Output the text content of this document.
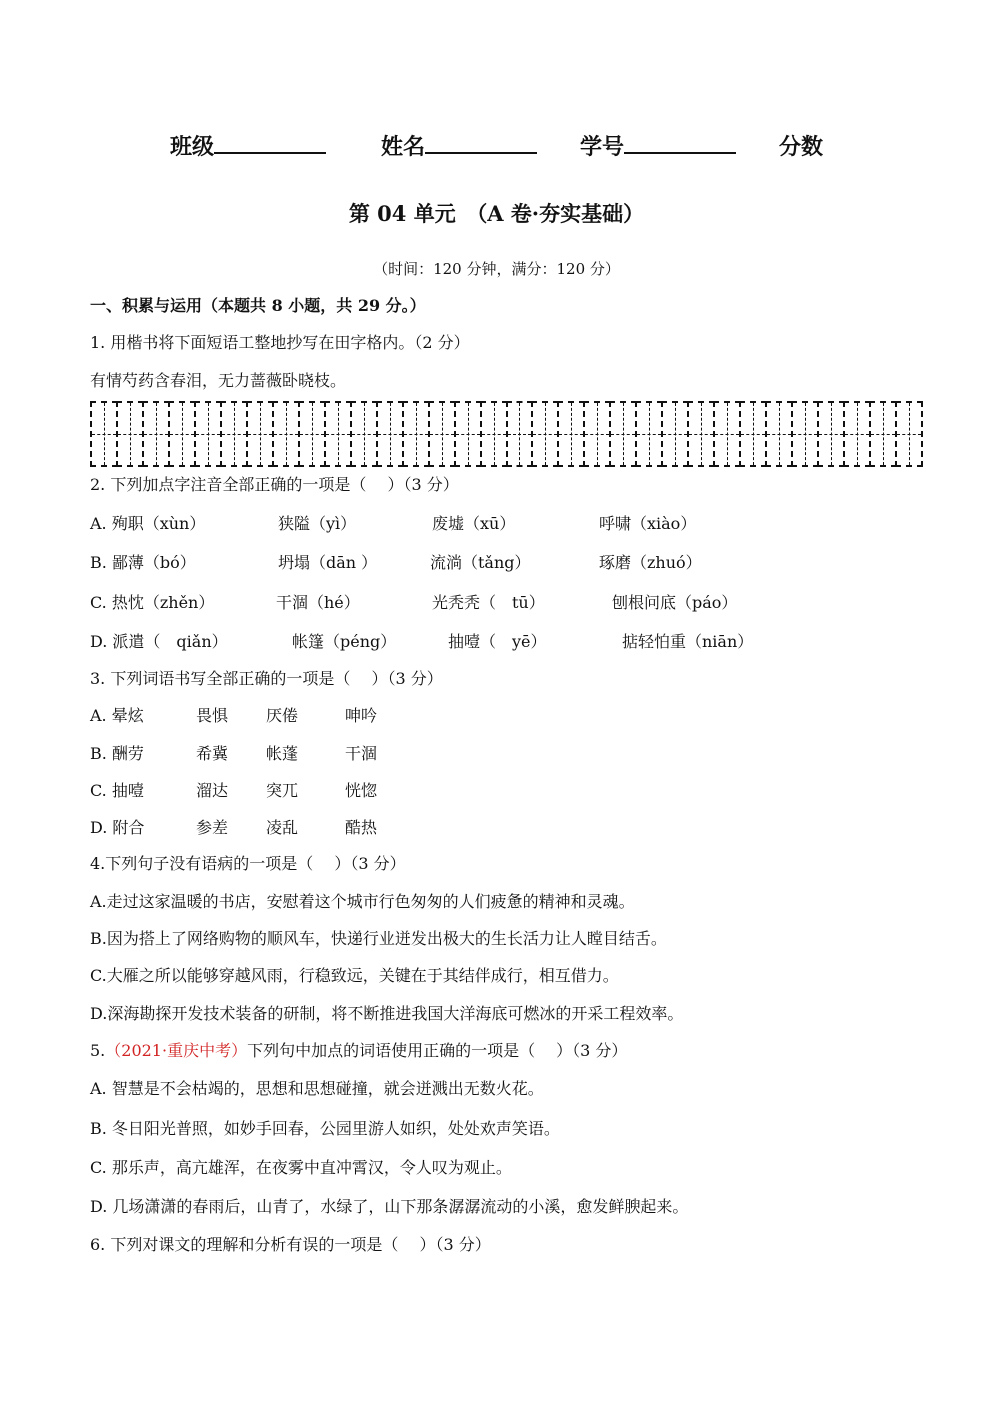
班级	姓名	学号	分数
第 04 单元　（A 卷·夯实基础）
（时间：120 分钟，满分：120 分）
一、积累与运用（本题共 8 小题，共 29 分。）
1. 用楷书将下面短语工整地抄写在田字格内。（2 分）
有情芍药含春泪，无力蔷薇卧晓枝。
2. 下列加点字注音全部正确的一项是（　 ）（3 分）
A. 殉职（xùn）	狭隘（yì）	废墟（xū）	呼啸（xiào）
B. 鄙薄（bó）	坍塌（dān ）	流淌（tǎng）	琢磨（zhuó）
C. 热忱（zhěn）	干涸（hé）	光秃秃（　tū）	刨根问底（páo）
D. 派遣（　qiǎn）	帐篷（péng）	抽噎（　yē）	掂轻怕重（niān）
3. 下列词语书写全部正确的一项是（　 ）（3 分）
A. 晕炫	畏惧 厌倦	呻吟
B. 酬劳	希冀 帐蓬	干涸
C. 抽噎	溜达 突兀	恍惚
D. 附合	参差 凌乱	酷热
4.下列句子没有语病的一项是（　 ）（3 分）
A.走过这家温暖的书店，安慰着这个城市行色匆匆的人们疲惫的精神和灵魂。
B.因为搭上了网络购物的顺风车，快递行业迸发出极大的生长活力让人瞠目结舌。
C.大雁之所以能够穿越风雨，行稳致远，关键在于其结伴成行，相互借力。
D.深海勘探开发技术装备的研制，将不断推进我国大洋海底可燃冰的开采工程效率。
5.（2021·重庆中考）下列句中加点的词语使用正确的一项是（　 ）（3 分）
A. 智慧是不会枯竭的，思想和思想碰撞，就会迸溅出无数火花。
B. 冬日阳光普照，如妙手回春，公园里游人如织，处处欢声笑语。
C. 那乐声，高亢雄浑，在夜雾中直冲霄汉，令人叹为观止。
D. 几场潇潇的春雨后，山青了，水绿了，山下那条潺潺流动的小溪，愈发鲜腴起来。
6. 下列对课文的理解和分析有误的一项是（　 ）（3 分）
